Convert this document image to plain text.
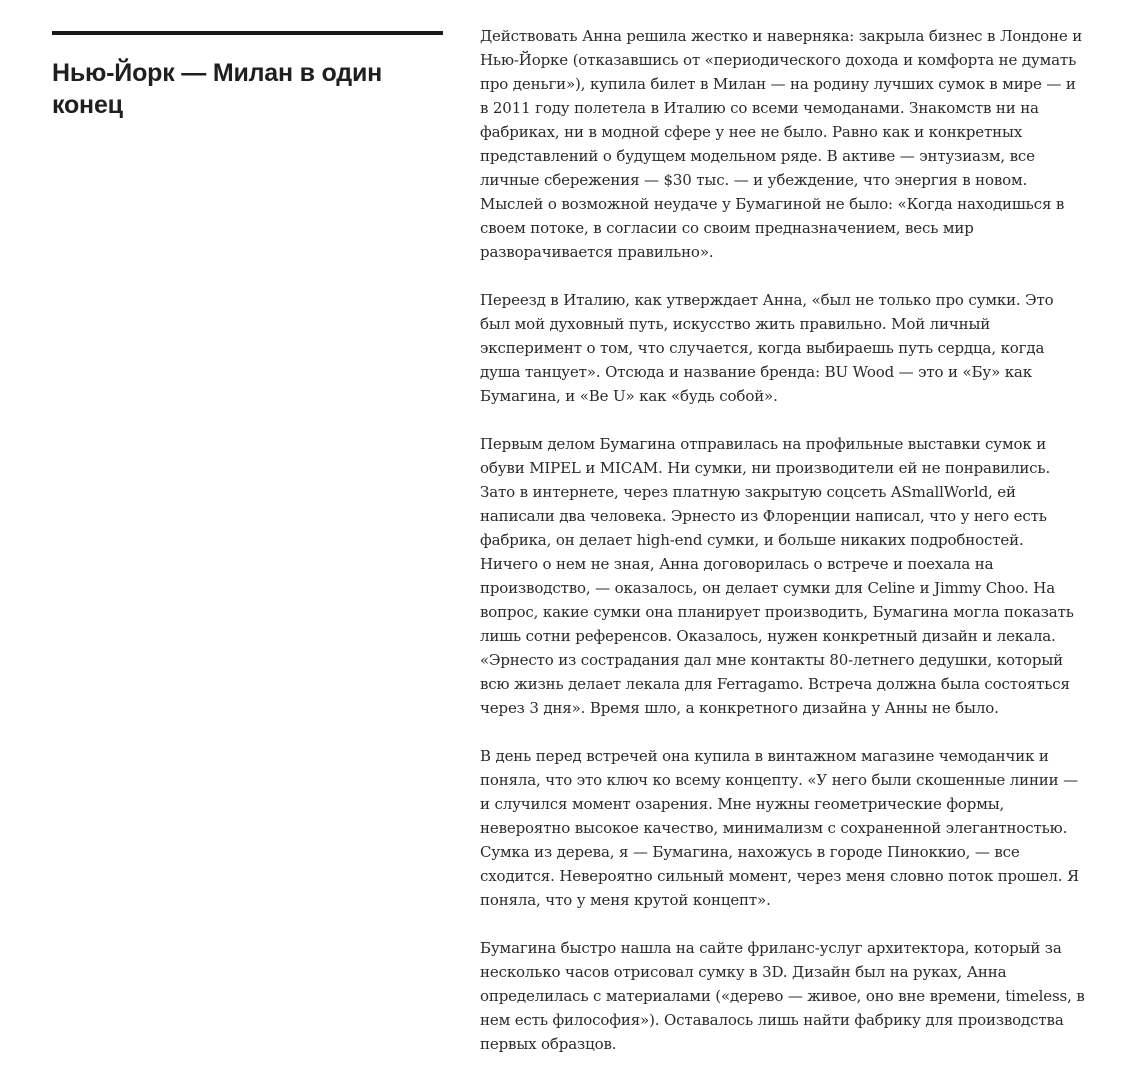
Нью-Йорк — Милан в один конец

Действовать Анна решила жестко и наверняка: закрыла бизнес в Лондоне и Нью-Йорке (отказавшись от «периодического дохода и комфорта не думать про деньги»), купила билет в Милан — на родину лучших сумок в мире — и в 2011 году полетела в Италию со всеми чемоданами. Знакомств ни на фабриках, ни в модной сфере у нее не было. Равно как и конкретных представлений о будущем модельном ряде. В активе — энтузиазм, все личные сбережения — $30 тыс. — и убеждение, что энергия в новом. Мыслей о возможной неудаче у Бумагиной не было: «Когда находишься в своем потоке, в согласии со своим предназначением, весь мир разворачивается правильно».

Переезд в Италию, как утверждает Анна, «был не только про сумки. Это был мой духовный путь, искусство жить правильно. Мой личный эксперимент о том, что случается, когда выбираешь путь сердца, когда душа танцует». Отсюда и название бренда: BU Wood — это и «Бу» как Бумагина, и «Be U» как «будь собой».

Первым делом Бумагина отправилась на профильные выставки сумок и обуви MIPEL и MICAM. Ни сумки, ни производители ей не понравились. Зато в интернете, через платную закрытую соцсеть ASmallWorld, ей написали два человека. Эрнесто из Флоренции написал, что у него есть фабрика, он делает high-end сумки, и больше никаких подробностей. Ничего о нем не зная, Анна договорилась о встрече и поехала на производство, — оказалось, он делает сумки для Celine и Jimmy Choo. На вопрос, какие сумки она планирует производить, Бумагина могла показать лишь сотни референсов. Оказалось, нужен конкретный дизайн и лекала. «Эрнесто из сострадания дал мне контакты 80-летнего дедушки, который всю жизнь делает лекала для Ferragamo. Встреча должна была состояться через 3 дня». Время шло, а конкретного дизайна у Анны не было.

В день перед встречей она купила в винтажном магазине чемоданчик и поняла, что это ключ ко всему концепту. «У него были скошенные линии — и случился момент озарения. Мне нужны геометрические формы, невероятно высокое качество, минимализм с сохраненной элегантностью. Сумка из дерева, я — Бумагина, нахожусь в городе Пиноккио, — все сходится. Невероятно сильный момент, через меня словно поток прошел. Я поняла, что у меня крутой концепт».

Бумагина быстро нашла на сайте фриланс-услуг архитектора, который за несколько часов отрисовал сумку в 3D. Дизайн был на руках, Анна определилась с материалами («дерево — живое, оно вне времени, timeless, в нем есть философия»). Оставалось лишь найти фабрику для производства первых образцов.
